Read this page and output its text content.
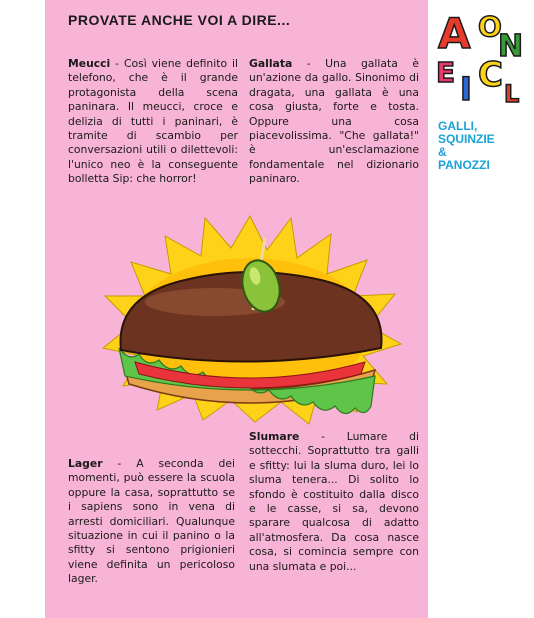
PROVATE ANCHE VOI A DIRE...

Meucci - Così viene definito il telefono, che è il grande protagonista della scena paninara. Il meucci, croce e delizia di tutti i paninari, è tramite di scambio per conversazioni utili o dilettevoli: l'unico neo è la conseguente bolletta Sip: che horror!

Gallata - Una gallata è un'azione da gallo. Sinonimo di dragata, una gallata è una cosa giusta, forte e tosta. Oppure una cosa piacevolissima. "Che gallata!" è un'esclamazione fondamentale nel dizionario paninaro.

Lager - A seconda dei momenti, può essere la scuola oppure la casa, soprattutto se i sapiens sono in vena di arresti domiciliari. Qualunque situazione in cui il panino o la sfitty si sentono prigionieri viene definita un pericoloso lager.

Slumare - Lumare di sottecchi. Soprattutto tra galli e sfitty: lui la sluma duro, lei lo sluma tenera... Di solito lo sfondo è costituito dalla disco e le casse, si sa, devono sparare qualcosa di adatto all'atmosfera. Da cosa nasce cosa, si comincia sempre con una slumata e poi...

A O
N
E I C L
GALLI,
SQUINZIE
&
PANOZZI
